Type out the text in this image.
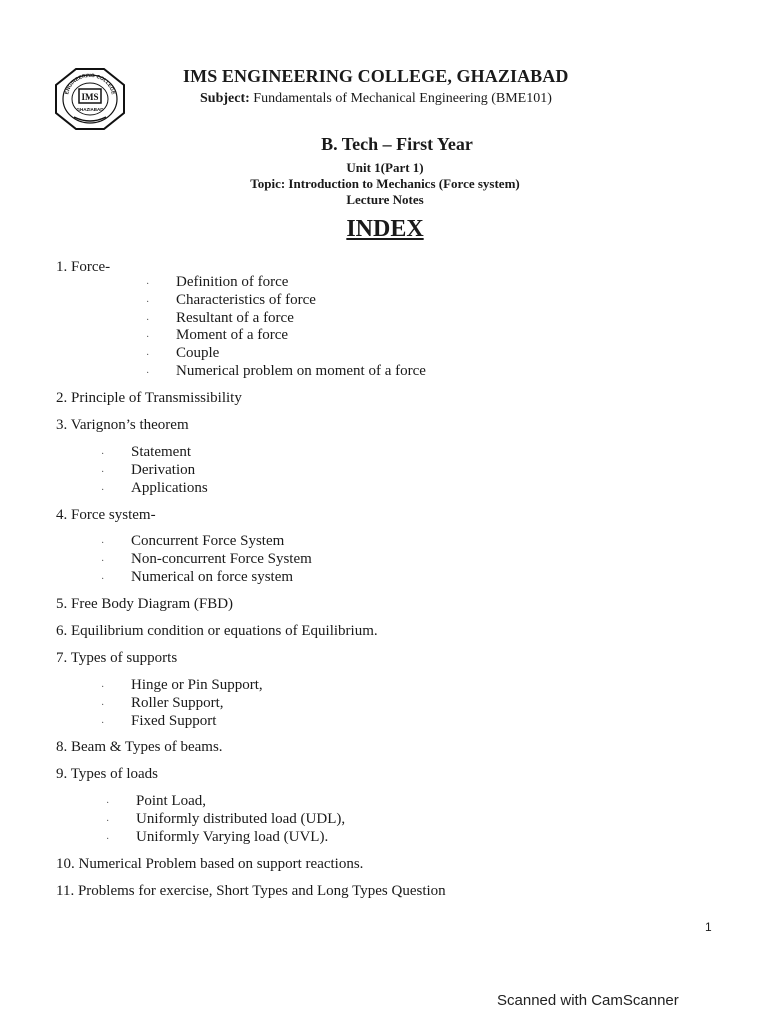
IMS
GHAZIABAD
ENGINEERING COLLEGE
IMS ENGINEERING COLLEGE, GHAZIABAD
Subject: Fundamentals of Mechanical Engineering (BME101)
B. Tech – First Year
Unit 1(Part 1)
Topic: Introduction to Mechanics (Force system)
Lecture Notes
INDEX
1. Force-
· Definition of force
· Characteristics of force
· Resultant of a force
· Moment of a force
· Couple
· Numerical problem on moment of a force
2. Principle of Transmissibility
3. Varignon’s theorem
· Statement
· Derivation
· Applications
4. Force system-
· Concurrent Force System
· Non-concurrent Force System
· Numerical on force system
5. Free Body Diagram (FBD)
6. Equilibrium condition or equations of Equilibrium.
7. Types of supports
· Hinge or Pin Support,
· Roller Support,
· Fixed Support
8. Beam & Types of beams.
9. Types of loads
· Point Load,
· Uniformly distributed load (UDL),
· Uniformly Varying load (UVL).
10. Numerical Problem based on support reactions.
11. Problems for exercise, Short Types and Long Types Question
1
Scanned with CamScanner
